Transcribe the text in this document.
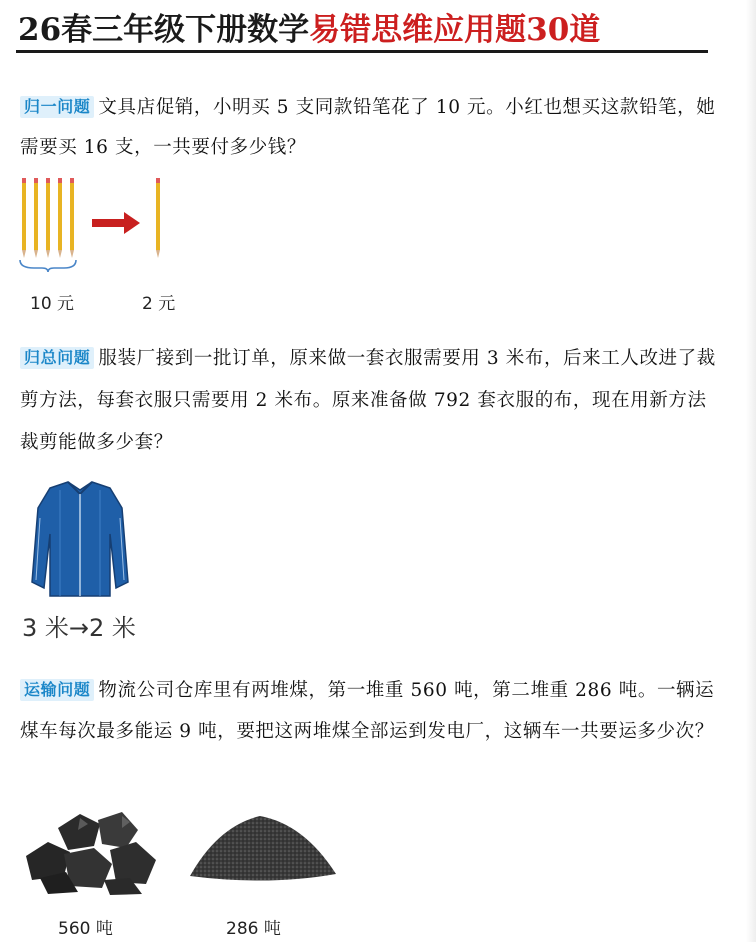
26春三年级下册数学易错思维应用题30道
归一问题 文具店促销，小明买 5 支同款铅笔花了 10 元。小红也想买这款铅笔，她需要买 16 支，一共要付多少钱？
10 元	2 元
归总问题 服装厂接到一批订单，原来做一套衣服需要用 3 米布，后来工人改进了裁剪方法，每套衣服只需要用 2 米布。原来准备做 792 套衣服的布，现在用新方法裁剪能做多少套？
3 米→2 米
运输问题 物流公司仓库里有两堆煤，第一堆重 560 吨，第二堆重 286 吨。一辆运煤车每次最多能运 9 吨，要把这两堆煤全部运到发电厂，这辆车一共要运多少次？
560 吨	286 吨
